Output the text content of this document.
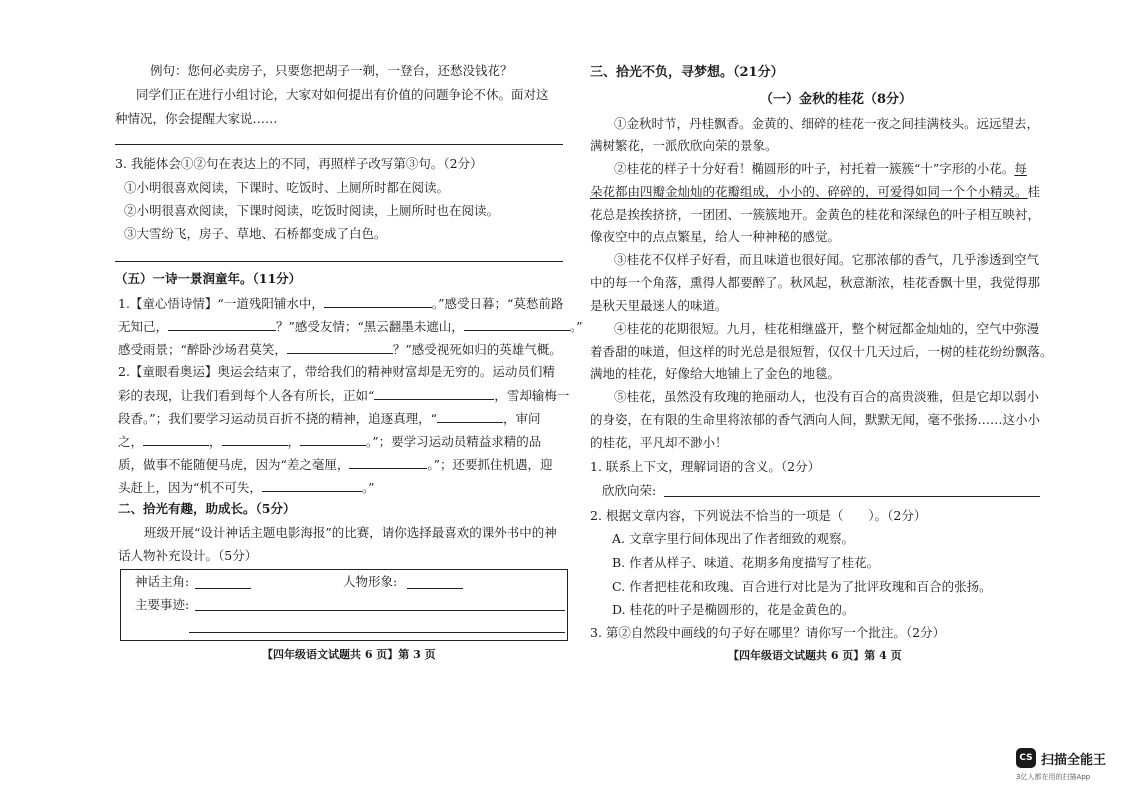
例句：您何必卖房子，只要您把胡子一剃，一登台，还愁没钱花？
同学们正在进行小组讨论，大家对如何提出有价值的问题争论不休。面对这
种情况，你会提醒大家说……
3. 我能体会①②句在表达上的不同，再照样子改写第③句。（2分）
①小明很喜欢阅读，下课时、吃饭时、上厕所时都在阅读。
②小明很喜欢阅读，下课时阅读，吃饭时阅读，上厕所时也在阅读。
③大雪纷飞，房子、草地、石桥都变成了白色。
（五）一诗一景润童年。（11分）
1.【童心悟诗情】“一道残阳铺水中，	。”感受日暮；“莫愁前路
无知己，	？”感受友情；“黑云翻墨未遮山，	。”
感受雨景；“醉卧沙场君莫笑，	？”感受视死如归的英雄气概。
2.【童眼看奥运】奥运会结束了，带给我们的精神财富却是无穷的。运动员们精
彩的表现，让我们看到每个人各有所长，正如“	，雪却输梅一
段香。”；我们要学习运动员百折不挠的精神，追逐真理，“	，审问
之，	，	，	。”；要学习运动员精益求精的品
质，做事不能随便马虎，因为“差之毫厘，	。”；还要抓住机遇，迎
头赶上，因为“机不可失，	。”
二、拾光有趣，助成长。（5分）
班级开展“设计神话主题电影海报”的比赛，请你选择最喜欢的课外书中的神
话人物补充设计。（5分）
神话主角:	人物形象:
主要事迹:
【四年级语文试题共 6 页】第 3 页
三、拾光不负，寻梦想。（21分）
（一）金秋的桂花（8分）
①金秋时节，丹桂飘香。金黄的、细碎的桂花一夜之间挂满枝头。远远望去，
满树繁花，一派欣欣向荣的景象。
②桂花的样子十分好看！椭圆形的叶子，衬托着一簇簇“十”字形的小花。每
朵花都由四瓣金灿灿的花瓣组成，小小的、碎碎的，可爱得如同一个个小精灵。桂
花总是挨挨挤挤，一团团、一簇簇地开。金黄色的桂花和深绿色的叶子相互映衬，
像夜空中的点点繁星，给人一种神秘的感觉。
③桂花不仅样子好看，而且味道也很好闻。它那浓郁的香气，几乎渗透到空气
中的每一个角落，熏得人都要醉了。秋风起，秋意渐浓，桂花香飘十里，我觉得那
是秋天里最迷人的味道。
④桂花的花期很短。九月，桂花相继盛开，整个树冠都金灿灿的，空气中弥漫
着香甜的味道，但这样的时光总是很短暂，仅仅十几天过后，一树的桂花纷纷飘落。
满地的桂花，好像给大地铺上了金色的地毯。
⑤桂花，虽然没有玫瑰的艳丽动人，也没有百合的高贵淡雅，但是它却以弱小
的身姿，在有限的生命里将浓郁的香气洒向人间，默默无闻，毫不张扬……这小小
的桂花，平凡却不渺小！
1. 联系上下文，理解词语的含义。（2分）
欣欣向荣:
2. 根据文章内容，下列说法不恰当的一项是（　　）。（2分）
A. 文章字里行间体现出了作者细致的观察。
B. 作者从样子、味道、花期多角度描写了桂花。
C. 作者把桂花和玫瑰、百合进行对比是为了批评玫瑰和百合的张扬。
D. 桂花的叶子是椭圆形的，花是金黄色的。
3. 第②自然段中画线的句子好在哪里？请你写一个批注。（2分）
【四年级语文试题共 6 页】第 4 页
CS 扫描全能王
3亿人都在用的扫描App
